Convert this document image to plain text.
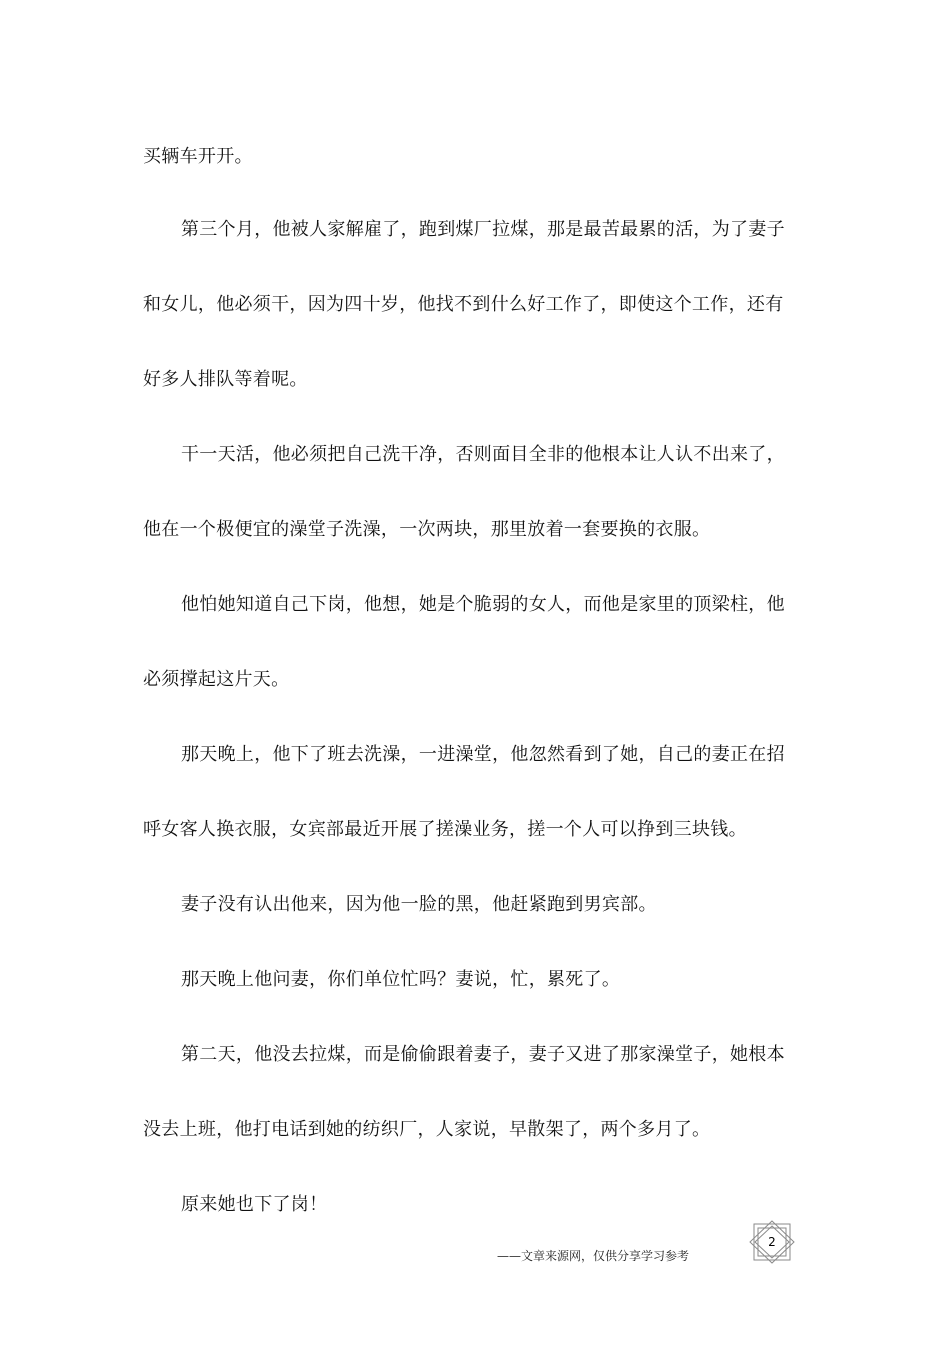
买辆车开开。
第三个月，他被人家解雇了，跑到煤厂拉煤，那是最苦最累的活，为了妻子
和女儿，他必须干，因为四十岁，他找不到什么好工作了，即使这个工作，还有
好多人排队等着呢。
干一天活，他必须把自己洗干净，否则面目全非的他根本让人认不出来了，
他在一个极便宜的澡堂子洗澡，一次两块，那里放着一套要换的衣服。
他怕她知道自己下岗，他想，她是个脆弱的女人，而他是家里的顶梁柱，他
必须撑起这片天。
那天晚上，他下了班去洗澡，一进澡堂，他忽然看到了她，自己的妻正在招
呼女客人换衣服，女宾部最近开展了搓澡业务，搓一个人可以挣到三块钱。
妻子没有认出他来，因为他一脸的黑，他赶紧跑到男宾部。
那天晚上他问妻，你们单位忙吗？妻说，忙，累死了。
第二天，他没去拉煤，而是偷偷跟着妻子，妻子又进了那家澡堂子，她根本
没去上班，他打电话到她的纺织厂，人家说，早散架了，两个多月了。
原来她也下了岗！
——文章来源网，仅供分享学习参考
2
